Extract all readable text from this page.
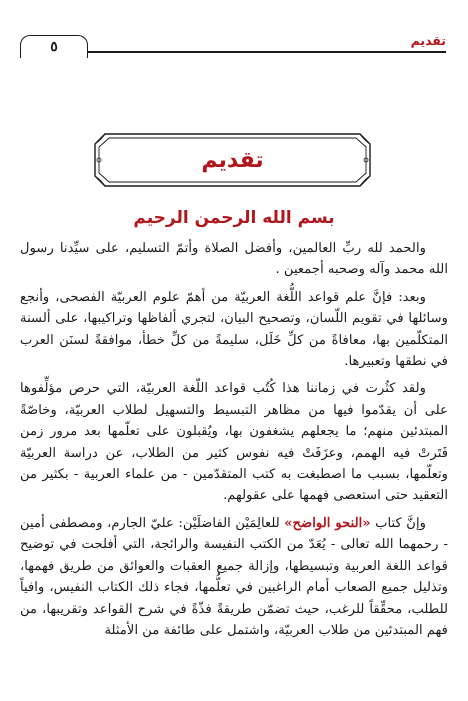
تقديم
٥
تقديم
بسم الله الرحمن الرحيم

والحمد لله ربِّ العالمين، وأفضل الصلاة وأتمّ التسليم، على سيِّدنا رسول الله محمد وآله وصحبه أجمعين .

وبعد: فإنَّ علم قواعد اللُّغة العربيّة من أهمّ علوم العربيّة الفصحى، وأنجع وسائلها في تقويم اللّسان، وتصحيح البيان، لتجري ألفاظها وتراكيبها، على ألسنة المتكلّمين بها، معافاةً من كلِّ خَلَل، سليمةً من كلِّ خطأ، موافقةً لسنَن العرب في نطقها وتعبيرها.

ولقد كثُرت في زماننا هذا كُتُب قواعد اللّغة العربيّة، التي حرص مؤلِّفوها على أن يقدّموا فيها من مظاهر التبسيط والتسهيل لطلاب العربيّة، وخاصّةً المبتدئين منهم؛ ما يجعلهم يشغفون بها، ويُقبلون على تعلّمها بعد مرور زمن فَتَرتْ فيه الهمم، وعزَفَتْ فيه نفوس كثير من الطلاب، عن دراسة العربيّة وتعلّمها، بسبب ما اصطبغت به كتب المتقدّمين - من علماء العربية - بكثير من التعقيد حتى استعصى فهمها على عقولهم.

وإنَّ كتاب «النحو الواضح» للعالِمَيْن الفاضلَيْن: عليّ الجارم، ومصطفى أمين - رحمهما الله تعالى - يُعَدّ من الكتب النفيسة والرائجة، التي أفلحت في توضيح قواعد اللغة العربية وتبسيطها، وإزالة جميع العقبات والعوائق من طريق فهمها، وتذليل جميع الصعاب أمام الراغبين في تعلُّمها، فجاء ذلك الكتاب النفيس، وافياً للطلب، محقِّقاً للرغب، حيث تضمّن طريقةً فذّةً في شرح القواعد وتقريبها، من فهم المبتدئين من طلاب العربيّة، واشتمل على طائفة من الأمثلة
